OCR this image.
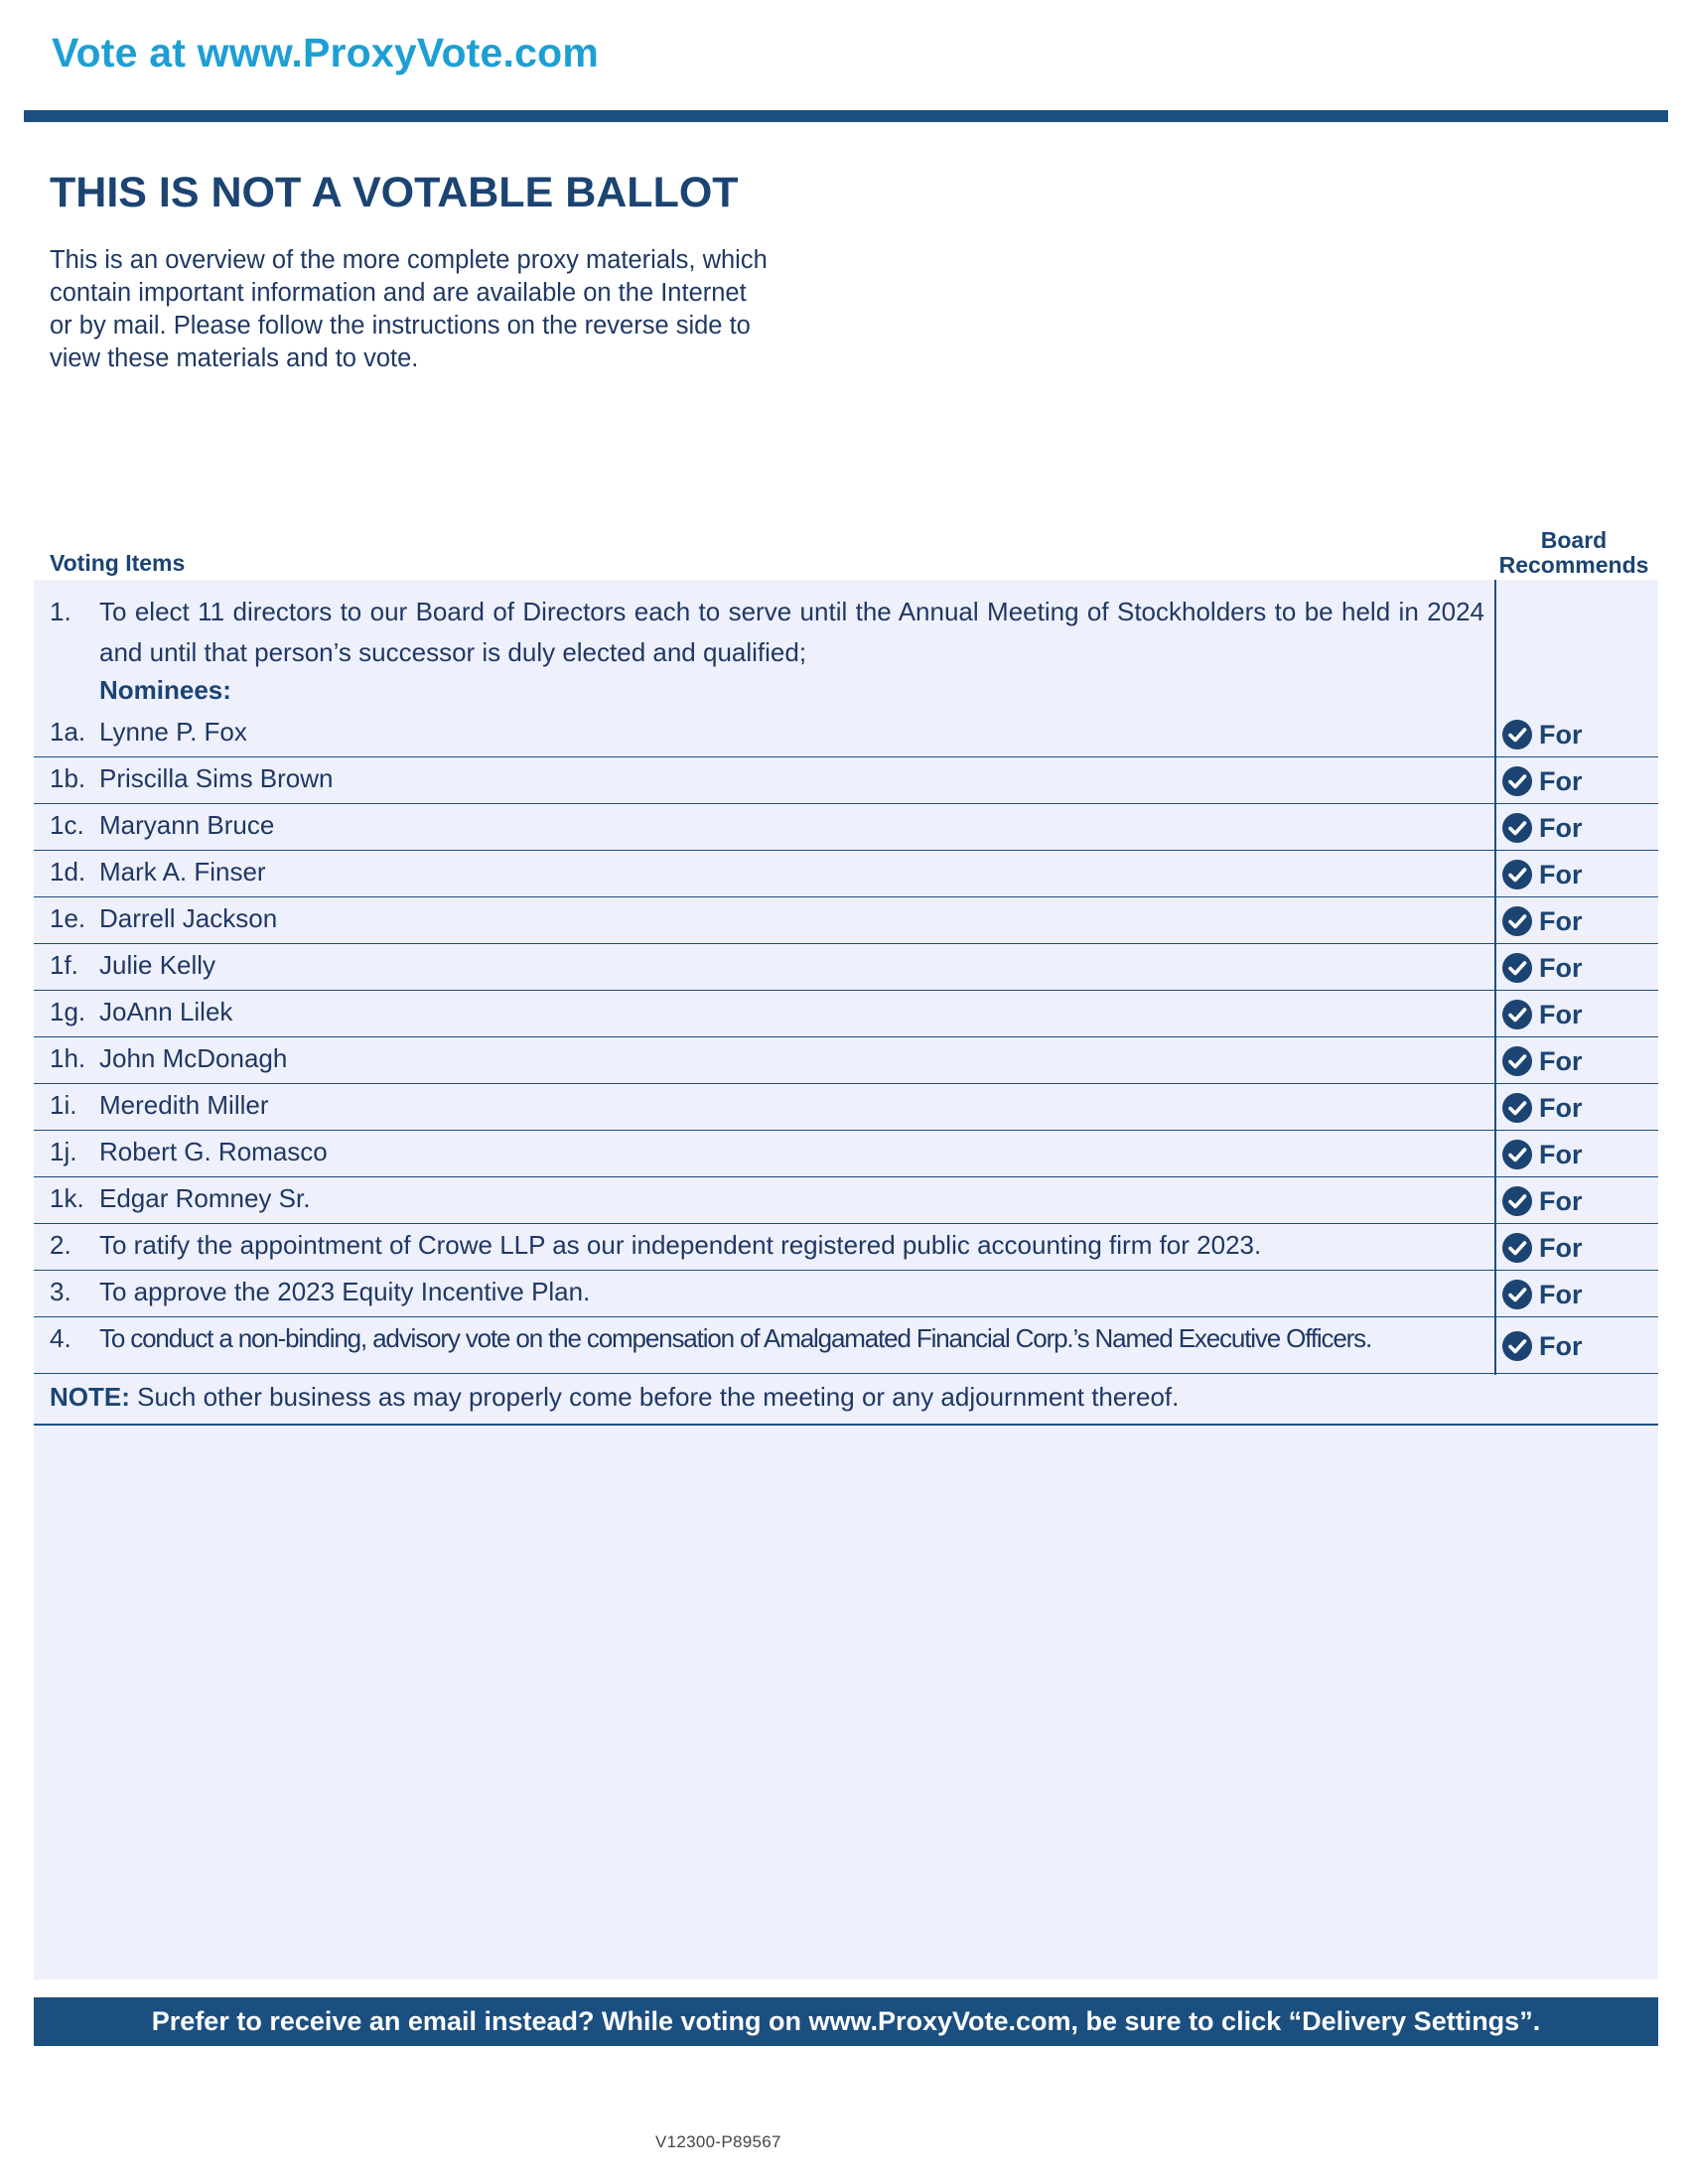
Vote at www.ProxyVote.com
THIS IS NOT A VOTABLE BALLOT
This is an overview of the more complete proxy materials, which
contain important information and are available on the Internet
or by mail. Please follow the instructions on the reverse side to
view these materials and to vote.
Voting Items
Board
Recommends
1. To elect 11 directors to our Board of Directors each to serve until the Annual Meeting of Stockholders to be held in 2024 and until that person’s successor is duly elected and qualified;
Nominees:
1a. Lynne P. Fox	For
1b. Priscilla Sims Brown	For
1c. Maryann Bruce	For
1d. Mark A. Finser	For
1e. Darrell Jackson	For
1f. Julie Kelly	For
1g. JoAnn Lilek	For
1h. John McDonagh	For
1i. Meredith Miller	For
1j. Robert G. Romasco	For
1k. Edgar Romney Sr.	For
2. To ratify the appointment of Crowe LLP as our independent registered public accounting firm for 2023.	For
3. To approve the 2023 Equity Incentive Plan.	For
4. To conduct a non-binding, advisory vote on the compensation of Amalgamated Financial Corp.’s Named Executive Officers.	For
NOTE: Such other business as may properly come before the meeting or any adjournment thereof.
Prefer to receive an email instead? While voting on www.ProxyVote.com, be sure to click “Delivery Settings”.
V12300-P89567
